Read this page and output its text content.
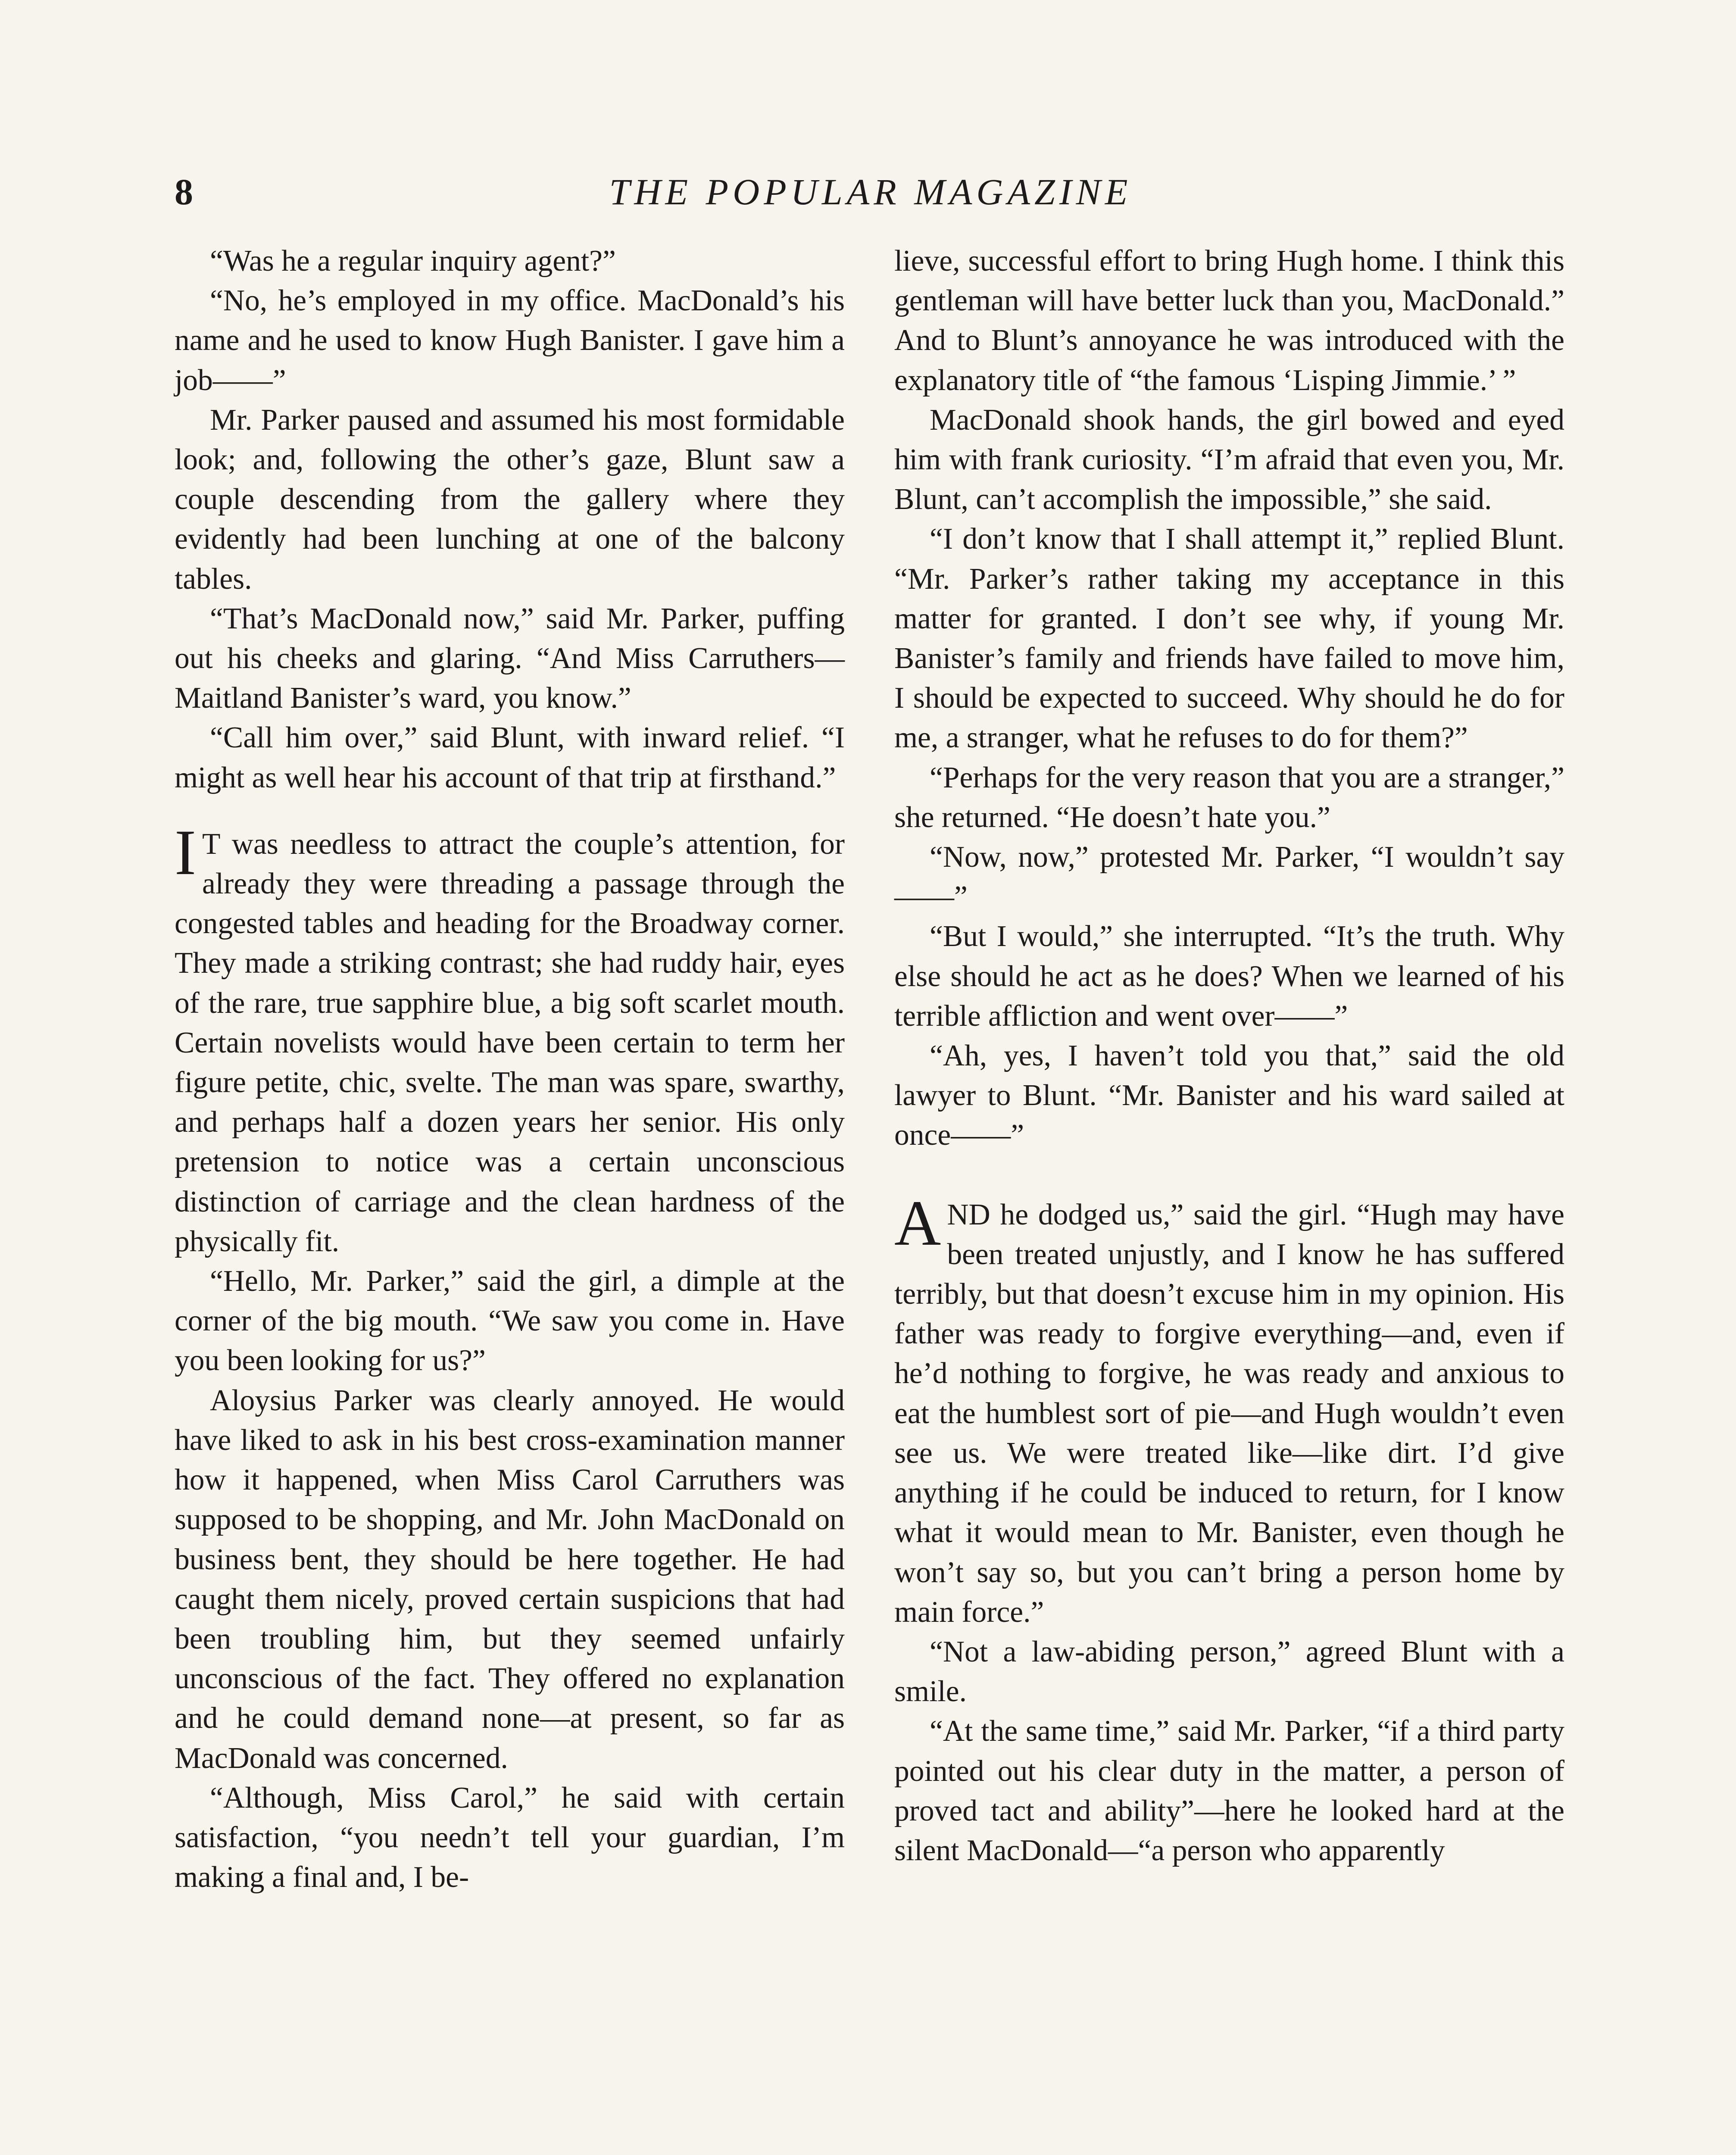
8	THE POPULAR MAGAZINE

“Was he a regular inquiry agent?”

“No, he’s employed in my office. MacDonald’s his name and he used to know Hugh Banister. I gave him a job——”

Mr. Parker paused and assumed his most formidable look; and, following the other’s gaze, Blunt saw a couple descending from the gallery where they evidently had been lunching at one of the balcony tables.

“That’s MacDonald now,” said Mr. Parker, puffing out his cheeks and glaring. “And Miss Carruthers—Maitland Banister’s ward, you know.”

“Call him over,” said Blunt, with inward relief. “I might as well hear his account of that trip at firsthand.”

I T was needless to attract the couple’s attention, for already they were threading a passage through the congested tables and heading for the Broadway corner. They made a striking contrast; she had ruddy hair, eyes of the rare, true sapphire blue, a big soft scarlet mouth. Certain novelists would have been certain to term her figure petite, chic, svelte. The man was spare, swarthy, and perhaps half a dozen years her senior. His only pretension to notice was a certain unconscious distinction of carriage and the clean hardness of the physically fit.

“Hello, Mr. Parker,” said the girl, a dimple at the corner of the big mouth. “We saw you come in. Have you been looking for us?”

Aloysius Parker was clearly annoyed. He would have liked to ask in his best cross-examination manner how it happened, when Miss Carol Carruthers was supposed to be shopping, and Mr. John MacDonald on business bent, they should be here together. He had caught them nicely, proved certain suspicions that had been troubling him, but they seemed unfairly unconscious of the fact. They offered no explanation and he could demand none—at present, so far as MacDonald was concerned.

“Although, Miss Carol,” he said with certain satisfaction, “you needn’t tell your guardian, I’m making a final and, I be-

lieve, successful effort to bring Hugh home. I think this gentleman will have better luck than you, MacDonald.” And to Blunt’s annoyance he was introduced with the explanatory title of “the famous ‘Lisping Jimmie.’ ”

MacDonald shook hands, the girl bowed and eyed him with frank curiosity. “I’m afraid that even you, Mr. Blunt, can’t accomplish the impossible,” she said.

“I don’t know that I shall attempt it,” replied Blunt. “Mr. Parker’s rather taking my acceptance in this matter for granted. I don’t see why, if young Mr. Banister’s family and friends have failed to move him, I should be expected to succeed. Why should he do for me, a stranger, what he refuses to do for them?”

“Perhaps for the very reason that you are a stranger,” she returned. “He doesn’t hate you.”

“Now, now,” protested Mr. Parker, “I wouldn’t say——”

“But I would,” she interrupted. “It’s the truth. Why else should he act as he does? When we learned of his terrible affliction and went over——”

“Ah, yes, I haven’t told you that,” said the old lawyer to Blunt. “Mr. Banister and his ward sailed at once——”

AND he dodged us,” said the girl. “Hugh may have been treated unjustly, and I know he has suffered terribly, but that doesn’t excuse him in my opinion. His father was ready to forgive everything—and, even if he’d nothing to forgive, he was ready and anxious to eat the humblest sort of pie—and Hugh wouldn’t even see us. We were treated like—like dirt. I’d give anything if he could be induced to return, for I know what it would mean to Mr. Banister, even though he won’t say so, but you can’t bring a person home by main force.”

“Not a law-abiding person,” agreed Blunt with a smile.

“At the same time,” said Mr. Parker, “if a third party pointed out his clear duty in the matter, a person of proved tact and ability”—here he looked hard at the silent MacDonald—“a person who apparently
